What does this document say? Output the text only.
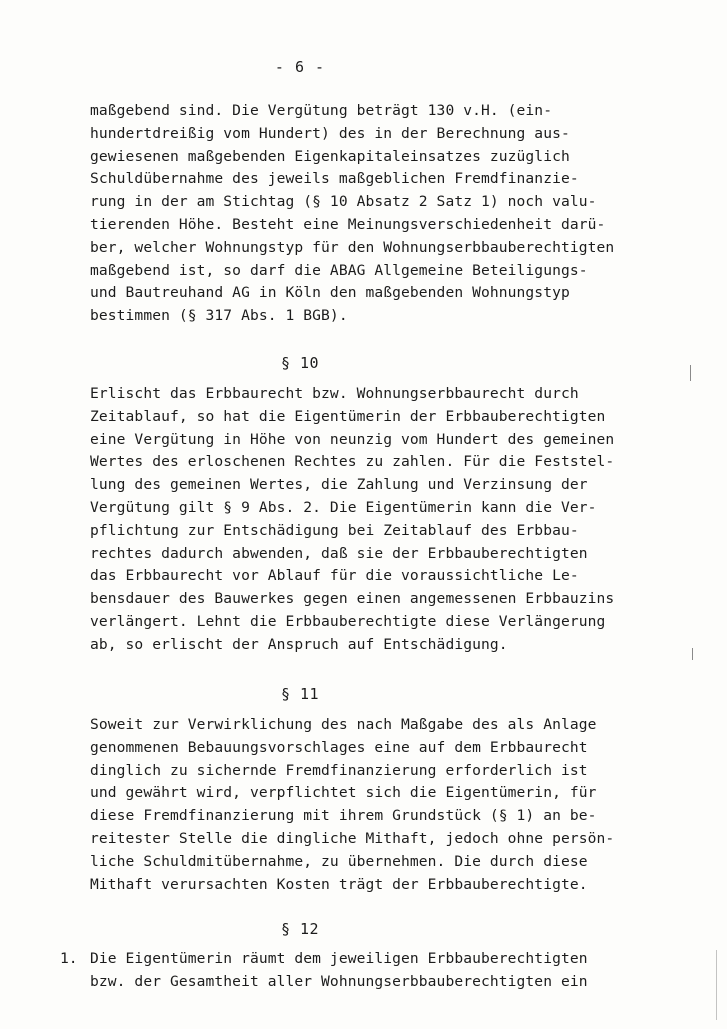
- 6 -
maßgebend sind. Die Vergütung beträgt 130 v.H. (ein-
hundertdreißig vom Hundert) des in der Berechnung aus-
gewiesenen maßgebenden Eigenkapitaleinsatzes zuzüglich
Schuldübernahme des jeweils maßgeblichen Fremdfinanzie-
rung in der am Stichtag (§ 10 Absatz 2 Satz 1) noch valu-
tierenden Höhe. Besteht eine Meinungsverschiedenheit darü-
ber, welcher Wohnungstyp für den Wohnungserbbauberechtigten
maßgebend ist, so darf die ABAG Allgemeine Beteiligungs-
und Bautreuhand AG in Köln den maßgebenden Wohnungstyp
bestimmen (§ 317 Abs. 1 BGB).
§ 10
Erlischt das Erbbaurecht bzw. Wohnungserbbaurecht durch
Zeitablauf, so hat die Eigentümerin der Erbbauberechtigten
eine Vergütung in Höhe von neunzig vom Hundert des gemeinen
Wertes des erloschenen Rechtes zu zahlen. Für die Feststel-
lung des gemeinen Wertes, die Zahlung und Verzinsung der
Vergütung gilt § 9 Abs. 2. Die Eigentümerin kann die Ver-
pflichtung zur Entschädigung bei Zeitablauf des Erbbau-
rechtes dadurch abwenden, daß sie der Erbbauberechtigten
das Erbbaurecht vor Ablauf für die voraussichtliche Le-
bensdauer des Bauwerkes gegen einen angemessenen Erbbauzins
verlängert. Lehnt die Erbbauberechtigte diese Verlängerung
ab, so erlischt der Anspruch auf Entschädigung.
§ 11
Soweit zur Verwirklichung des nach Maßgabe des als Anlage
genommenen Bebauungsvorschlages eine auf dem Erbbaurecht
dinglich zu sichernde Fremdfinanzierung erforderlich ist
und gewährt wird, verpflichtet sich die Eigentümerin, für
diese Fremdfinanzierung mit ihrem Grundstück (§ 1) an be-
reitester Stelle die dingliche Mithaft, jedoch ohne persön-
liche Schuldmitübernahme, zu übernehmen. Die durch diese
Mithaft verursachten Kosten trägt der Erbbauberechtigte.
§ 12
1. Die Eigentümerin räumt dem jeweiligen Erbbauberechtigten
bzw. der Gesamtheit aller Wohnungserbbauberechtigten ein
